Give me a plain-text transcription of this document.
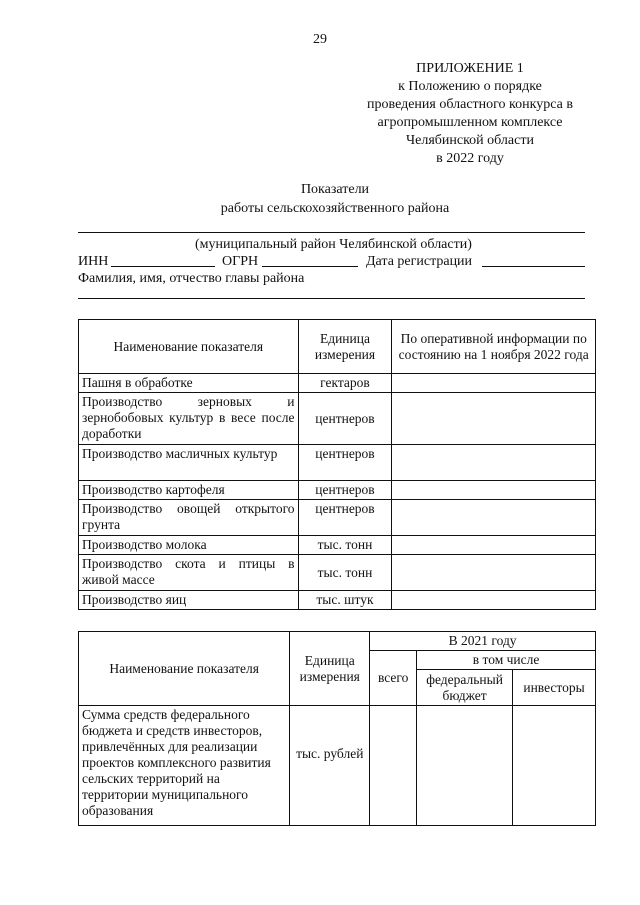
29
ПРИЛОЖЕНИЕ 1
к Положению о порядке
проведения областного конкурса в
агропромышленном комплексе
Челябинской области
в 2022 году
Показатели
работы сельскохозяйственного района
(муниципальный район Челябинской области)
ИНН	ОГРН	Дата регистрации
Фамилия, имя, отчество главы района
Наименование показателя	Единица измерения	По оперативной информации по состоянию на 1 ноября 2022 года
Пашня в обработке	гектаров	
Производство зерновых и зернобобовых культур в весе после доработки	центнеров	
Производство масличных культур	центнеров	
Производство картофеля	центнеров	
Производство овощей открытого грунта	центнеров	
Производство молока	тыс. тонн	
Производство скота и птицы в живой массе	тыс. тонн	
Производство яиц	тыс. штук	
Наименование показателя	Единица измерения	В 2021 году		
		всего	в том числе	
			федеральный бюджет	инвесторы
Сумма средств федерального бюджета и средств инвесторов, привлечённых для реализации проектов комплексного развития сельских территорий на территории муниципального образования	тыс. рублей			
